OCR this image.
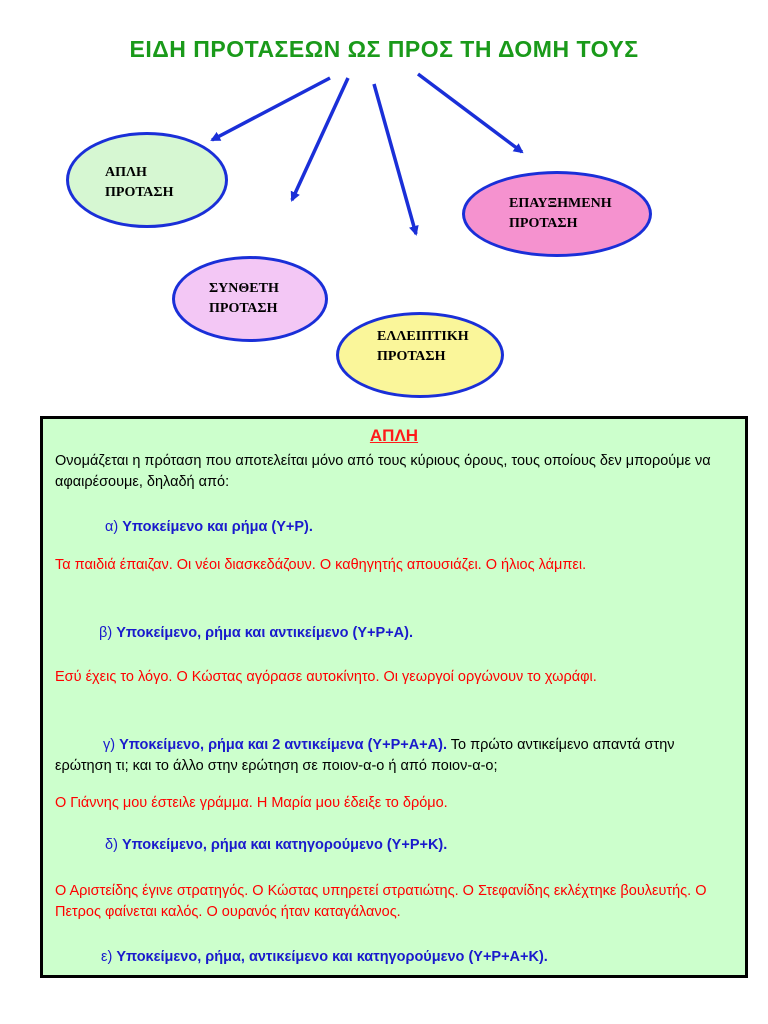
ΕΙΔΗ ΠΡΟΤΑΣΕΩΝ ΩΣ ΠΡΟΣ ΤΗ ΔΟΜΗ ΤΟΥΣ
ΑΠΛΗ
ΠΡΟΤΑΣΗ
ΕΠΑΥΞΗΜΕΝΗ
ΠΡΟΤΑΣΗ
ΣΥΝΘΕΤΗ
ΠΡΟΤΑΣΗ
ΕΛΛΕΙΠΤΙΚΗ
ΠΡΟΤΑΣΗ
ΑΠΛΗ
Ονομάζεται η πρόταση που αποτελείται μόνο από τους κύριους όρους, τους οποίους δεν μπορούμε να αφαιρέσουμε, δηλαδή από:
α) Υποκείμενο και ρήμα (Υ+Ρ).
Τα παιδιά έπαιζαν. Οι νέοι διασκεδάζουν. Ο καθηγητής απουσιάζει. Ο ήλιος λάμπει.
β) Υποκείμενο, ρήμα και αντικείμενο (Υ+Ρ+Α).
Εσύ έχεις το λόγο. Ο Κώστας αγόρασε αυτοκίνητο. Οι γεωργοί οργώνουν το χωράφι.
γ) Υποκείμενο, ρήμα και 2 αντικείμενα (Υ+Ρ+Α+Α). Το πρώτο αντικείμενο απαντά στην ερώτηση τι; και το άλλο στην ερώτηση σε ποιον-α-ο ή από ποιον-α-ο;
Ο Γιάννης μου έστειλε γράμμα. Η Μαρία μου έδειξε το δρόμο.
δ) Υποκείμενο, ρήμα και κατηγορούμενο (Υ+Ρ+Κ).
Ο Αριστείδης έγινε στρατηγός. Ο Κώστας υπηρετεί στρατιώτης. Ο Στεφανίδης εκλέχτηκε βουλευτής. Ο Πετρος φαίνεται καλός. Ο ουρανός ήταν καταγάλανος.
ε) Υποκείμενο, ρήμα, αντικείμενο και κατηγορούμενο (Υ+Ρ+Α+Κ).
